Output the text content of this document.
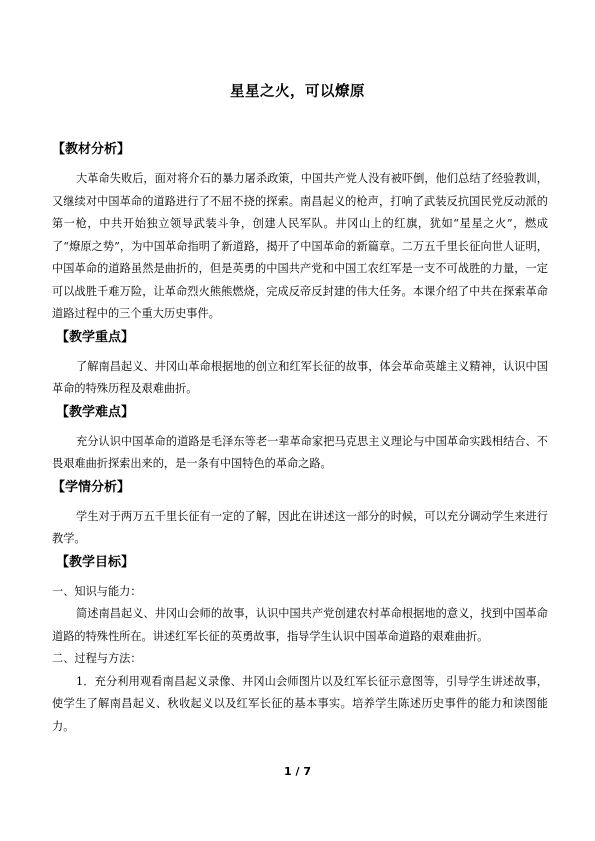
星星之火，可以燎原

【教材分析】

大革命失败后，面对将介石的暴力屠杀政策，中国共产党人没有被吓倒，他们总结了经验教训，又继续对中国革命的道路进行了不屈不挠的探索。南昌起义的枪声，打响了武装反抗国民党反动派的第一枪，中共开始独立领导武装斗争，创建人民军队。井冈山上的红旗，犹如“星星之火”，燃成了“燎原之势”，为中国革命指明了新道路，揭开了中国革命的新篇章。二万五千里长征向世人证明，中国革命的道路虽然是曲折的，但是英勇的中国共产党和中国工农红军是一支不可战胜的力量，一定可以战胜千难万险，让革命烈火熊熊燃烧，完成反帝反封建的伟大任务。本课介绍了中共在探索革命道路过程中的三个重大历史事件。

【教学重点】

了解南昌起义、井冈山革命根据地的创立和红军长征的故事，体会革命英雄主义精神，认识中国革命的特殊历程及艰难曲折。

【教学难点】

充分认识中国革命的道路是毛泽东等老一辈革命家把马克思主义理论与中国革命实践相结合、不畏艰难曲折探索出来的，是一条有中国特色的革命之路。

【学情分析】

学生对于两万五千里长征有一定的了解，因此在讲述这一部分的时候，可以充分调动学生来进行教学。

【教学目标】

一、知识与能力：

简述南昌起义、井冈山会师的故事，认识中国共产党创建农村革命根据地的意义，找到中国革命道路的特殊性所在。讲述红军长征的英勇故事，指导学生认识中国革命道路的艰难曲折。

二、过程与方法：

1．充分利用观看南昌起义录像、井冈山会师图片以及红军长征示意图等，引导学生讲述故事，使学生了解南昌起义、秋收起义以及红军长征的基本事实。培养学生陈述历史事件的能力和读图能力。

1 / 7
